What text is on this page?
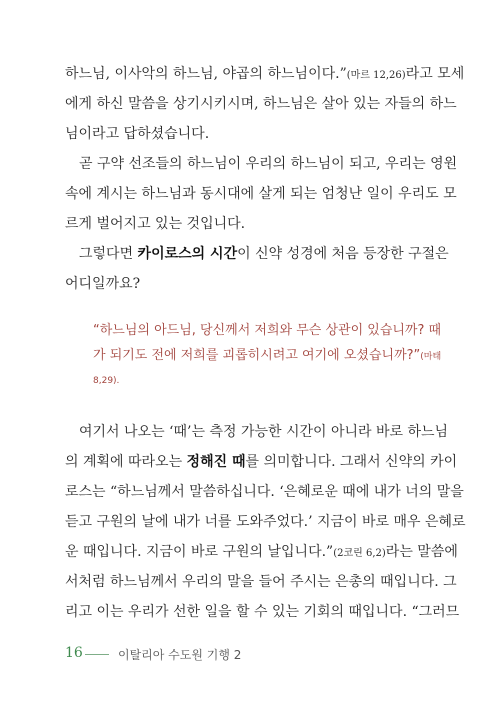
하느님, 이사악의 하느님, 야곱의 하느님이다.”(마르 12,26)라고 모세
에게 하신 말씀을 상기시키시며, 하느님은 살아 있는 자들의 하느
님이라고 답하셨습니다.
곧 구약 선조들의 하느님이 우리의 하느님이 되고, 우리는 영원
속에 계시는 하느님과 동시대에 살게 되는 엄청난 일이 우리도 모
르게 벌어지고 있는 것입니다.
그렇다면 카이로스의 시간이 신약 성경에 처음 등장한 구절은
어디일까요?
“하느님의 아드님, 당신께서 저희와 무슨 상관이 있습니까? 때
가 되기도 전에 저희를 괴롭히시려고 여기에 오셨습니까?”(마태
8,29).
여기서 나오는 ‘때’는 측정 가능한 시간이 아니라 바로 하느님
의 계획에 따라오는 정해진 때를 의미합니다. 그래서 신약의 카이
로스는 “하느님께서 말씀하십니다. ‘은혜로운 때에 내가 너의 말을
듣고 구원의 날에 내가 너를 도와주었다.’ 지금이 바로 매우 은혜로
운 때입니다. 지금이 바로 구원의 날입니다.”(2코린 6,2)라는 말씀에
서처럼 하느님께서 우리의 말을 들어 주시는 은총의 때입니다. 그
리고 이는 우리가 선한 일을 할 수 있는 기회의 때입니다. “그러므
16	이탈리아 수도원 기행 2
